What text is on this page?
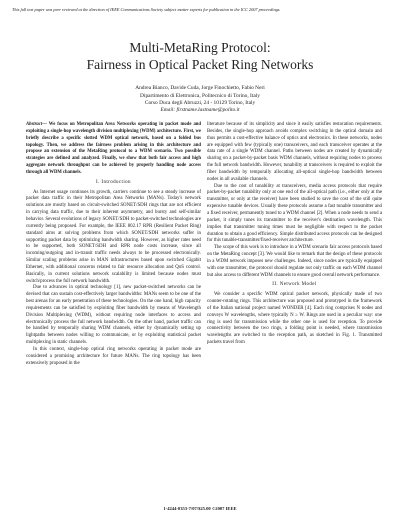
This full text paper was peer reviewed at the direction of IEEE Communications Society subject matter experts for publication in the ICC 2007 proceedings.
Multi-MetaRing Protocol:
Fairness in Optical Packet Ring Networks
Andrea Bianco, Davide Cuda, Jorge Finochietto, Fabio Neri
Dipartimento di Elettronica, Politecnico di Torino, Italy
Corso Duca degli Abruzzi, 24 - 10129 Torino, Italy
Email: firstname.lastname@polito.it

Abstract— We focus on Metropolitan Area Networks operating in packet mode and exploiting a single-hop wavelength division multiplexing (WDM) architecture. First, we briefly describe a specific slotted WDM optical network, based on a folded bus topology. Then, we address the fairness problem arising in this architecture and propose an extension of the MetaRing protocol to a WDM scenario. Two possible strategies are defined and analyzed. Finally, we show that both fair access and high aggregate network throughput can be achieved by properly handling node access through all WDM channels.

I. Introduction

As Internet usage continues its growth, carriers continue to see a steady increase of packet data traffic in their Metropolitan Area Networks (MANs). Today's network solutions are mostly based on circuit-switched SONET/SDH rings that are not efficient in carrying data traffic, due to their inherent asymmetry, and bursty and self-similar behavior. Several evolutions of legacy SONET/SDH to packet-switched technologies are currently being proposed. For example, the IEEE 802.17 RPR (Resilient Packet Ring) standard aims at solving problems from which SONET/SDH networks suffer in supporting packet data by optimizing bandwidth sharing. However, as higher rates need to be supported, both SONET/SDH and RPR node costs increase, since all incoming/outgoing and in-transit traffic needs always to be processed electronically. Similar scaling problems arise in MAN infrastructures based upon switched Gigabit Ethernet, with additional concerns related to fair resource allocation and QoS control. Basically, in current solutions network scalability is limited because nodes must switch/process the full network bandwidth.

Due to advances in optical technology [1], new packet-switched networks can be devised that can sustain cost-effectively larger bandwidths: MANs seem to be one of the best arenas for an early penetration of these technologies. On the one hand, high capacity requirements can be satisfied by exploiting fiber bandwidth by means of Wavelength Division Multiplexing (WDM), without requiring node interfaces to access and electronically process the full network bandwidth. On the other hand, packet traffic can be handled by temporally sharing WDM channels, either by dynamically setting up lightpaths between nodes willing to communicate, or by exploiting statistical packet multiplexing in static channels.

In this context, single-hop optical ring networks operating in packet mode are considered a promising architecture for future MANs. The ring topology has been extensively proposed in the

literature because of its simplicity and since it easily satisfies restoration requirements. Besides, the single-hop approach avoids complex switching in the optical domain and thus permits a cost-effective balance of optics and electronics. In these networks, nodes are equipped with few (typically one) transceivers, and each transceiver operates at the data rate of a single WDM channel. Paths between nodes are created by dynamically sharing on a packet-by-packet basis WDM channels, without requiring nodes to process the full network bandwidth. However, tunability at transceivers is required to exploit the fiber bandwidth by temporally allocating all-optical single-hop bandwidth between nodes in all available channels.

Due to the cost of tunability at transceivers, media access protocols that require packet-by-packet tunability only at one end of the all-optical path (i.e., either only at the transmitter, or only at the receiver) have been studied to save the cost of the still quite expensive tunable devices. Usually these protocols assume a fast tunable transmitter and a fixed receiver, permanently tuned to a WDM channel [2]. When a node needs to send a packet, it simply tunes its transmitter to the receiver's destination wavelength. This implies that transmitter tuning times must be negligible with respect to the packet duration to obtain a good efficiency. Simple distributed access protocols can be designed for this tunable-transmitter/fixed-receiver architecture.

The scope of this work is to introduce in a WDM scenario fair access protocols based on the MetaRing concept [3]. We would like to remark that the design of these protocols in a WDM network imposes new challenges. Indeed, since nodes are typically equipped with one transmitter, the protocol should regulate not only traffic on each WDM channel but also access to different WDM channels to ensure good overall network performance.

II. Network Model

We consider a specific WDM optical packet network, physically made of two counter-rotating rings. This architecture was proposed and prototyped in the framework of the Italian national project named WONDER [4]. Each ring comprises N nodes and conveys W wavelengths, where typically N ≥ W. Rings are used in a peculiar way: one ring is used for transmission while the other one is used for reception. To provide connectivity between the two rings, a folding point is needed, where transmission wavelengths are switched to the reception path, as sketched in Fig. 1. Transmitted packets travel from

1-4244-0353-7/07/$25.00 ©2007 IEEE
